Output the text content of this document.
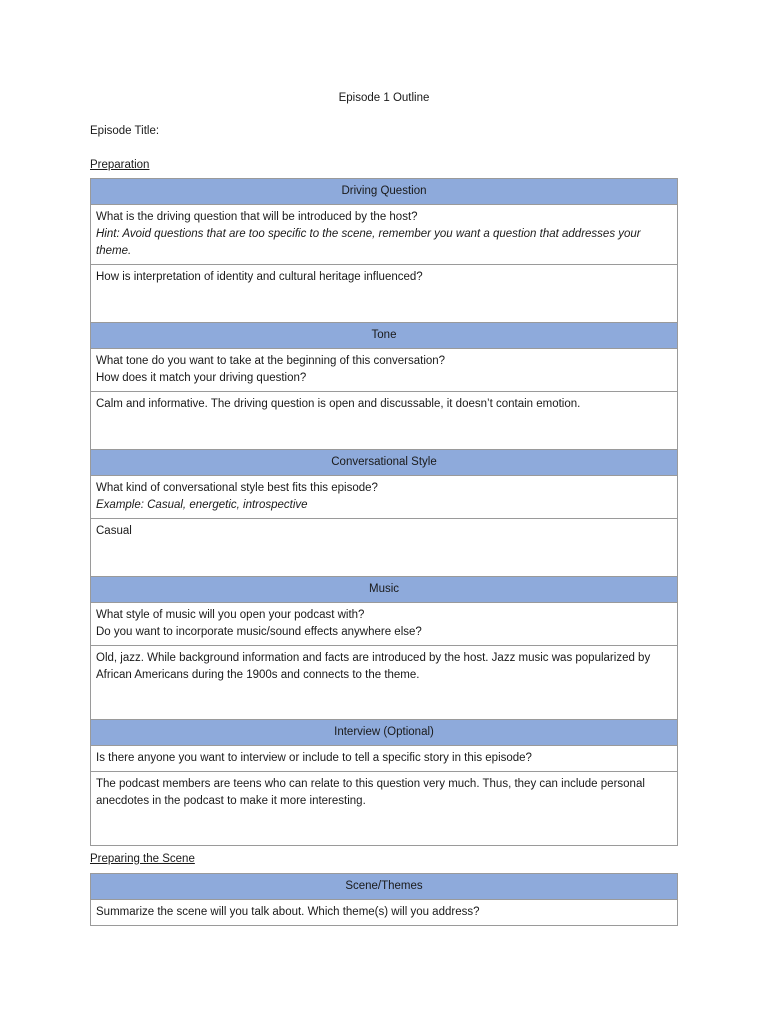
Episode 1 Outline
Episode Title:
Preparation
Driving Question

What is the driving question that will be introduced by the host?
Hint: Avoid questions that are too specific to the scene, remember you want a question that addresses your theme.

How is interpretation of identity and cultural heritage influenced?
Tone

What tone do you want to take at the beginning of this conversation?
How does it match your driving question?

Calm and informative. The driving question is open and discussable, it doesn’t contain emotion.
Conversational Style

What kind of conversational style best fits this episode?
Example: Casual, energetic, introspective

Casual
Music

What style of music will you open your podcast with?
Do you want to incorporate music/sound effects anywhere else?

Old, jazz. While background information and facts are introduced by the host. Jazz music was popularized by African Americans during the 1900s and connects to the theme.
Interview (Optional)
Is there anyone you want to interview or include to tell a specific story in this episode?
The podcast members are teens who can relate to this question very much. Thus, they can include personal anecdotes in the podcast to make it more interesting.
Preparing the Scene
Scene/Themes
Summarize the scene will you talk about. Which theme(s) will you address?
